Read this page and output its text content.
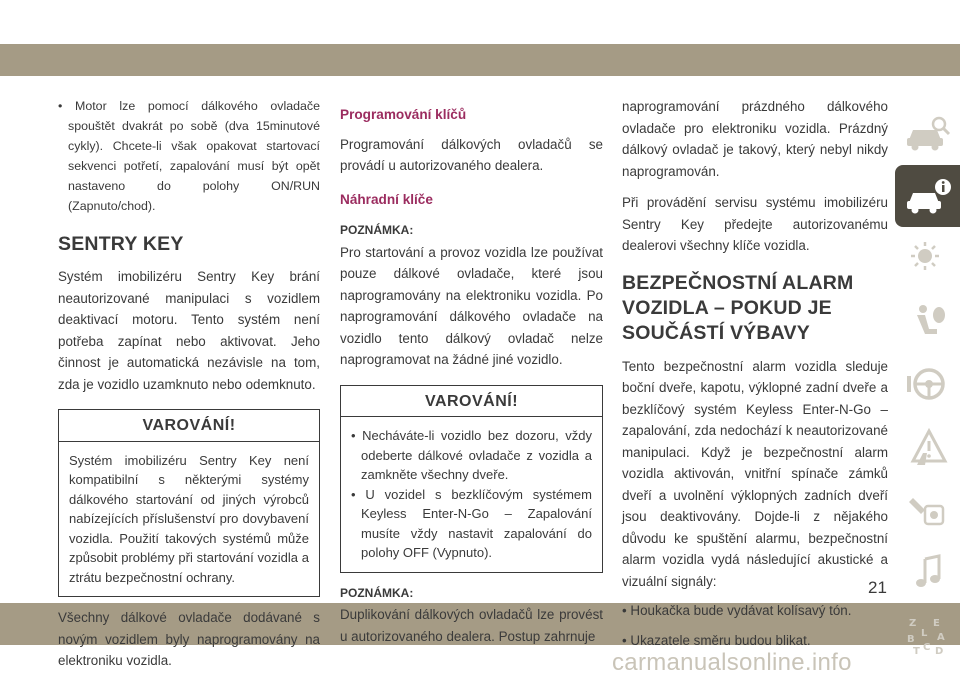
• Motor lze pomocí dálkového ovladače spouštět dvakrát po sobě (dva 15minutové cykly). Chcete-li však opakovat startovací sekvenci potřetí, zapalování musí být opět nastaveno do polohy ON/RUN (Zapnuto/chod).

SENTRY KEY

Systém imobilizéru Sentry Key brání neautorizované manipulaci s vozidlem deaktivací motoru. Tento systém není potřeba zapínat nebo aktivovat. Jeho činnost je automatická nezávisle na tom, zda je vozidlo uzamknuto nebo odemknuto.

VAROVÁNÍ!

Systém imobilizéru Sentry Key není kompatibilní s některými systémy dálkového startování od jiných výrobců nabízejících příslušenství pro dovybavení vozidla. Použití takových systémů může způsobit problémy při startování vozidla a ztrátu bezpečnostní ochrany.

Všechny dálkové ovladače dodávané s novým vozidlem byly naprogramovány na elektroniku vozidla.

Programování klíčů

Programování dálkových ovladačů se provádí u autorizovaného dealera.

Náhradní klíče

POZNÁMKA:

Pro startování a provoz vozidla lze používat pouze dálkové ovladače, které jsou naprogramovány na elektroniku vozidla. Po naprogramování dálkového ovladače na vozidlo tento dálkový ovladač nelze naprogramovat na žádné jiné vozidlo.

VAROVÁNÍ!

• Necháváte-li vozidlo bez dozoru, vždy odeberte dálkové ovladače z vozidla a zamkněte všechny dveře.

• U vozidel s bezklíčovým systémem Keyless Enter-N-Go – Zapalování musíte vždy nastavit zapalování do polohy OFF (Vypnuto).

POZNÁMKA:

Duplikování dálkových ovladačů lze provést u autorizovaného dealera. Postup zahrnuje

naprogramování prázdného dálkového ovladače pro elektroniku vozidla. Prázdný dálkový ovladač je takový, který nebyl nikdy naprogramován.

Při provádění servisu systému imobilizéru Sentry Key předejte autorizovanému dealerovi všechny klíče vozidla.

BEZPEČNOSTNÍ ALARM VOZIDLA – POKUD JE SOUČÁSTÍ VÝBAVY

Tento bezpečnostní alarm vozidla sleduje boční dveře, kapotu, výklopné zadní dveře a bezklíčový systém Keyless Enter-N-Go – zapalování, zda nedochází k neautorizované manipulaci. Když je bezpečnostní alarm vozidla aktivován, vnitřní spínače zámků dveří a uvolnění výklopných zadních dveří jsou deaktivovány. Dojde-li z nějakého důvodu ke spuštění alarmu, bezpečnostní alarm vozidla vydá následující akustické a vizuální signály:

• Houkačka bude vydávat kolísavý tón.

• Ukazatele směru budou blikat.

Z E
L A
B
C
T D
21
carmanualsonline.info
